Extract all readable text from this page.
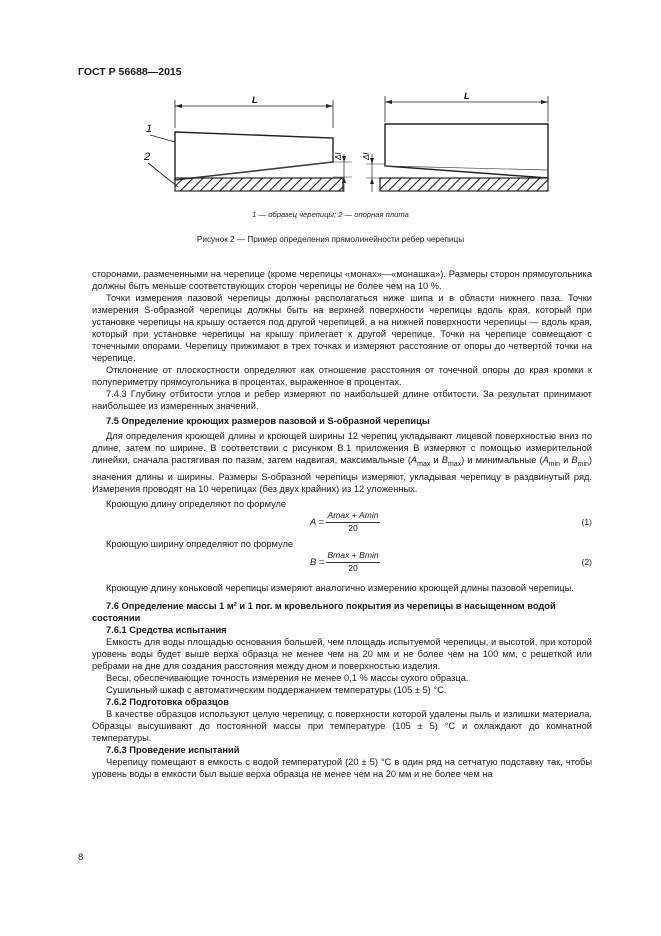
ГОСТ Р 56688—2015
L
1
2	Δl Δl
L
1 — образец черепицы; 2 — опорная плита
Рисунок 2 — Пример определения прямолинейности ребер черепицы

сторонами, размеченными на черепице (кроме черепицы «монах»—«монашка»). Размеры сторон прямоугольника должны быть меньше соответствующих сторон черепицы не более чем на 10 %.

Точки измерения пазовой черепицы должны располагаться ниже шипа и в области нижнего паза. Точки измерения S-образной черепицы должны быть на верхней поверхности черепицы вдоль края, который при установке черепицы на крышу остается под другой черепицей, а на нижней поверхности черепицы — вдоль края, который при установке черепицы на крышу прилегает к другой черепице. Точки на черепице совмещают с точечными опорами. Черепицу прижимают в трех точках и измеряют расстояние от опоры до четвертой точки на черепице.

Отклонение от плоскостности определяют как отношение расстояния от точечной опоры до края кромки к полупериметру прямоугольника в процентах, выраженное в процентах.

7.4.3 Глубину отбитости углов и ребер измеряют по наибольшей длине отбитости. За результат принимают наибольшее из измеренных значений.

7.5 Определение кроющих размеров пазовой и S-образной черепицы

Для определения кроющей длины и кроющей ширины 12 черепиц укладывают лицевой поверхностью вниз по длине, затем по ширине. В соответствии с рисунком В.1 приложения В измеряют с помощью измерительной линейки, сначала растягивая по пазам, затем надвигая, максимальные ($A_{max}$ и $B_{max}$) и минимальные ($A_{min}$ и $B_{min}$) значения длины и ширины. Размеры S-образной черепицы измеряют, укладывая черепицу в раздвинутый ряд. Измерения проводят на 10 черепицах (без двух крайних) из 12 уложенных.

Кроющую длину определяют по формуле

A =
Amax + Amin
20
(1)

Кроющую ширину определяют по формуле

B =
Bmax + Bmin
20
(2)

Кроющую длину коньковой черепицы измеряют аналогично измерению кроющей длины пазовой черепицы.

7.6 Определение массы 1 м² и 1 пог. м кровельного покрытия из черепицы в насыщенном водой состоянии

7.6.1 Средства испытания

Емкость для воды площадью основания большей, чем площадь испытуемой черепицы, и высотой, при которой уровень воды будет выше верха образца не менее чем на 20 мм и не более чем на 100 мм, с решеткой или ребрами на дне для создания расстояния между дном и поверхностью изделия.

Весы, обеспечивающие точность измерения не менее 0,1 % массы сухого образца.

Сушильный шкаф с автоматическим поддержанием температуры (105 ± 5) °С.

7.6.2 Подготовка образцов

В качестве образцов используют целую черепицу, с поверхности которой удалены пыль и излишки материала. Образцы высушивают до постоянной массы при температуре (105 ± 5) °С и охлаждают до комнатной температуры.

7.6.3 Проведение испытаний

Черепицу помещают в емкость с водой температурой (20 ± 5) °С в один ряд на сетчатую подставку так, чтобы уровень воды в емкости был выше верха образца не менее чем на 20 мм и не более чем на

8
